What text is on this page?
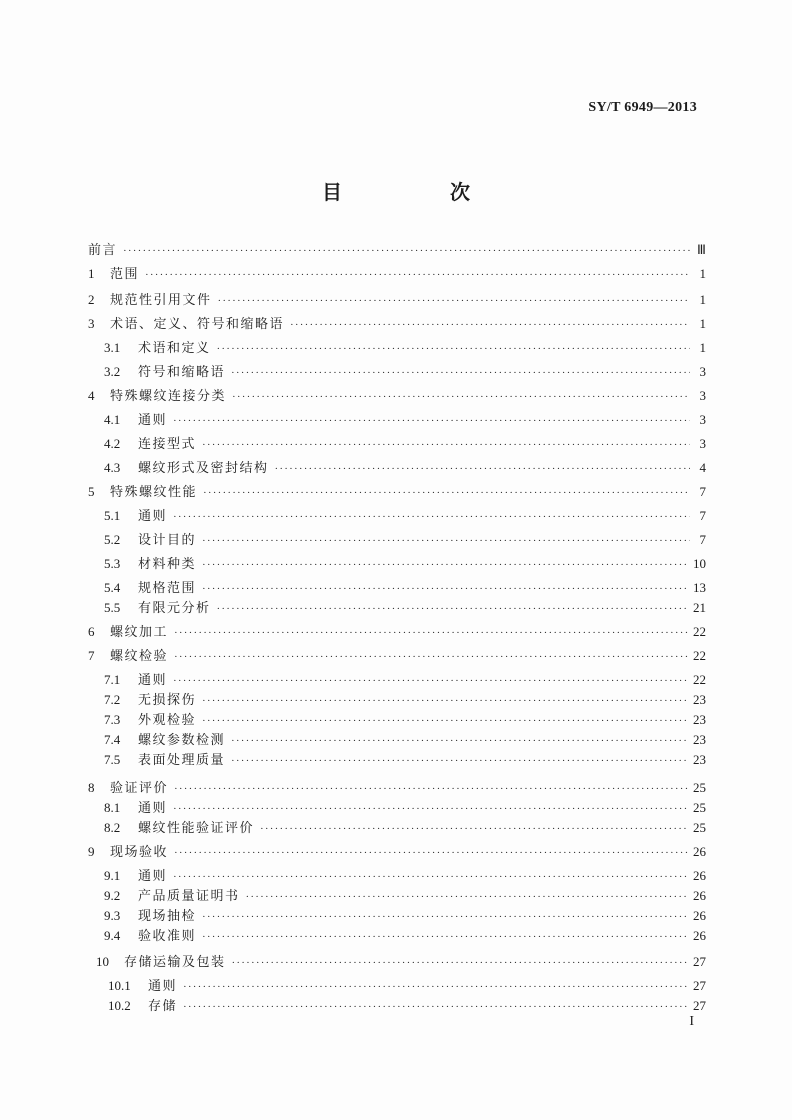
SY/T 6949—2013
目　次
前言 ·····	Ⅲ
1	范围 ·····	1
2	规范性引用文件 ·····	1
3	术语、定义、符号和缩略语 ·····	1
3.1	术语和定义 ·····	1
3.2	符号和缩略语 ·····	3
4	特殊螺纹连接分类 ·····	3
4.1	通则 ·····	3
4.2	连接型式 ·····	3
4.3	螺纹形式及密封结构 ·····	4
5	特殊螺纹性能 ·····	7
5.1	通则 ·····	7
5.2	设计目的 ·····	7
5.3	材料种类 ·····	10
5.4	规格范围 ·····	13
5.5	有限元分析 ·····	21
6	螺纹加工 ·····	22
7	螺纹检验 ·····	22
7.1	通则 ·····	22
7.2	无损探伤 ·····	23
7.3	外观检验 ·····	23
7.4	螺纹参数检测 ·····	23
7.5	表面处理质量 ·····	23
8	验证评价 ·····	25
8.1	通则 ·····	25
8.2	螺纹性能验证评价 ·····	25
9	现场验收 ·····	26
9.1	通则 ·····	26
9.2	产品质量证明书 ·····	26
9.3	现场抽检 ·····	26
9.4	验收准则 ·····	26
10	存储运输及包装 ·····	27
10.1	通则 ·····	27
10.2	存储 ·····	27
I
